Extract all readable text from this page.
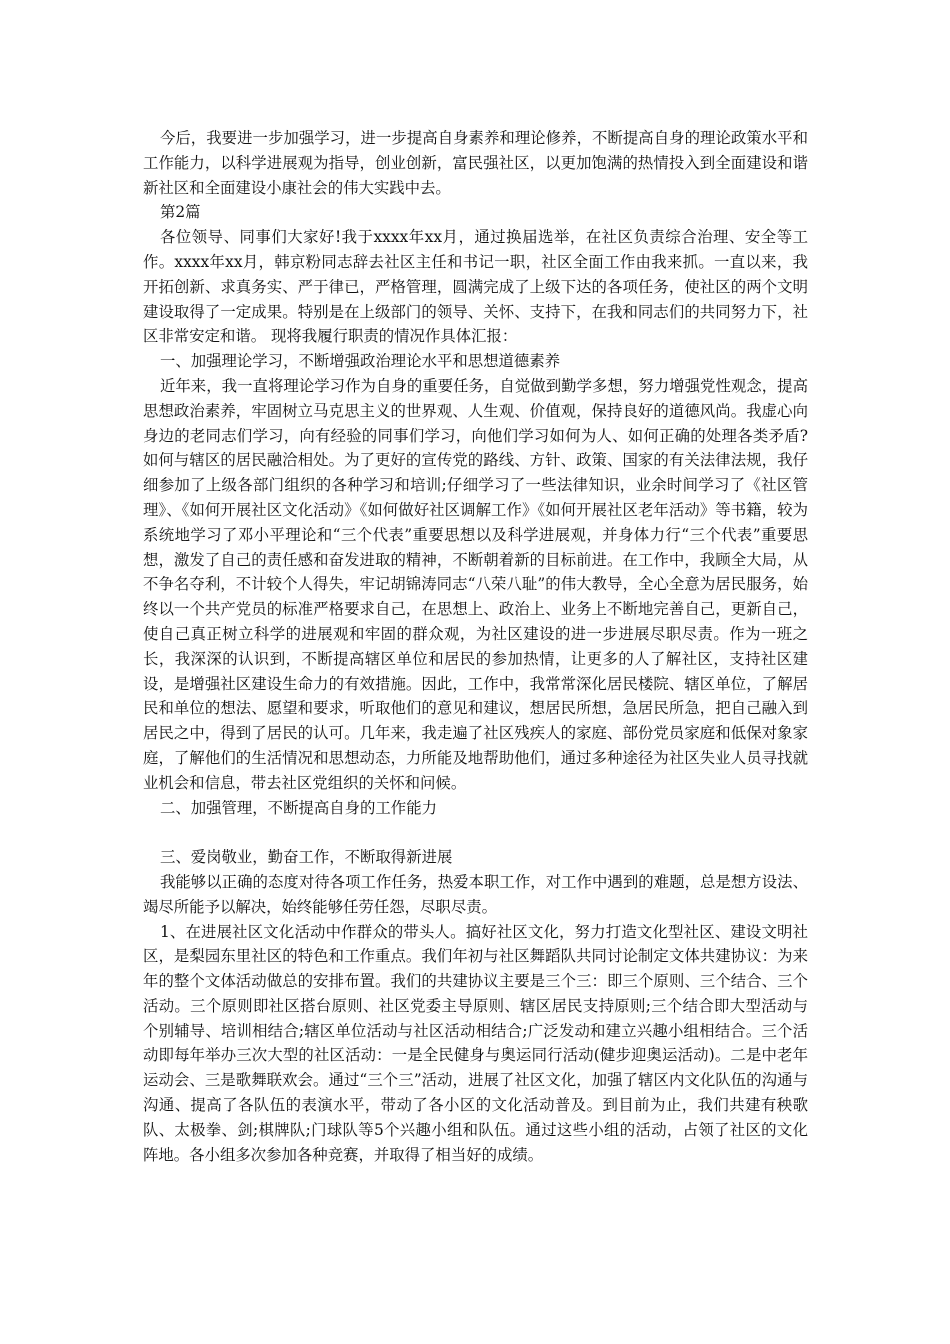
今后，我要进一步加强学习，进一步提高自身素养和理论修养，不断提高自身的理论政策水平和工作能力，以科学进展观为指导，创业创新，富民强社区，以更加饱满的热情投入到全面建设和谐新社区和全面建设小康社会的伟大实践中去。

第2篇

各位领导、同事们大家好!我于xxxx年xx月，通过换届选举，在社区负责综合治理、安全等工作。xxxx年xx月，韩京粉同志辞去社区主任和书记一职，社区全面工作由我来抓。一直以来，我开拓创新、求真务实、严于律已，严格管理，圆满完成了上级下达的各项任务，使社区的两个文明建设取得了一定成果。特别是在上级部门的领导、关怀、支持下，在我和同志们的共同努力下，社区非常安定和谐。 现将我履行职责的情况作具体汇报：

一、加强理论学习，不断增强政治理论水平和思想道德素养

近年来，我一直将理论学习作为自身的重要任务，自觉做到勤学多想，努力增强党性观念，提高思想政治素养，牢固树立马克思主义的世界观、人生观、价值观，保持良好的道德风尚。我虚心向身边的老同志们学习，向有经验的同事们学习，向他们学习如何为人、如何正确的处理各类矛盾?如何与辖区的居民融洽相处。为了更好的宣传党的路线、方针、政策、国家的有关法律法规，我仔细参加了上级各部门组织的各种学习和培训;仔细学习了一些法律知识，业余时间学习了《社区管理》、《如何开展社区文化活动》《如何做好社区调解工作》《如何开展社区老年活动》等书籍，较为系统地学习了邓小平理论和“三个代表”重要思想以及科学进展观，并身体力行“三个代表”重要思想，激发了自己的责任感和奋发进取的精神，不断朝着新的目标前进。在工作中，我顾全大局，从不争名夺利，不计较个人得失，牢记胡锦涛同志“八荣八耻”的伟大教导，全心全意为居民服务，始终以一个共产党员的标准严格要求自己，在思想上、政治上、业务上不断地完善自己，更新自己，使自己真正树立科学的进展观和牢固的群众观，为社区建设的进一步进展尽职尽责。作为一班之长，我深深的认识到，不断提高辖区单位和居民的参加热情，让更多的人了解社区，支持社区建设，是增强社区建设生命力的有效措施。因此，工作中，我常常深化居民楼院、辖区单位，了解居民和单位的想法、愿望和要求，听取他们的意见和建议，想居民所想，急居民所急，把自己融入到居民之中，得到了居民的认可。几年来，我走遍了社区残疾人的家庭、部份党员家庭和低保对象家庭，了解他们的生活情况和思想动态，力所能及地帮助他们，通过多种途径为社区失业人员寻找就业机会和信息，带去社区党组织的关怀和问候。

二、加强管理，不断提高自身的工作能力

三、爱岗敬业，勤奋工作，不断取得新进展

我能够以正确的态度对待各项工作任务，热爱本职工作，对工作中遇到的难题，总是想方设法、竭尽所能予以解决，始终能够任劳任怨，尽职尽责。

1、在进展社区文化活动中作群众的带头人。搞好社区文化，努力打造文化型社区、建设文明社区，是梨园东里社区的特色和工作重点。我们年初与社区舞蹈队共同讨论制定文体共建协议：为来年的整个文体活动做总的安排布置。我们的共建协议主要是三个三：即三个原则、三个结合、三个活动。三个原则即社区搭台原则、社区党委主导原则、辖区居民支持原则;三个结合即大型活动与个别辅导、培训相结合;辖区单位活动与社区活动相结合;广泛发动和建立兴趣小组相结合。三个活动即每年举办三次大型的社区活动：一是全民健身与奥运同行活动(健步迎奥运活动)。二是中老年运动会、三是歌舞联欢会。通过“三个三”活动，进展了社区文化，加强了辖区内文化队伍的沟通与沟通、提高了各队伍的表演水平，带动了各小区的文化活动普及。到目前为止，我们共建有秧歌队、太极拳、剑;棋牌队;门球队等5个兴趣小组和队伍。通过这些小组的活动，占领了社区的文化阵地。各小组多次参加各种竞赛，并取得了相当好的成绩。
